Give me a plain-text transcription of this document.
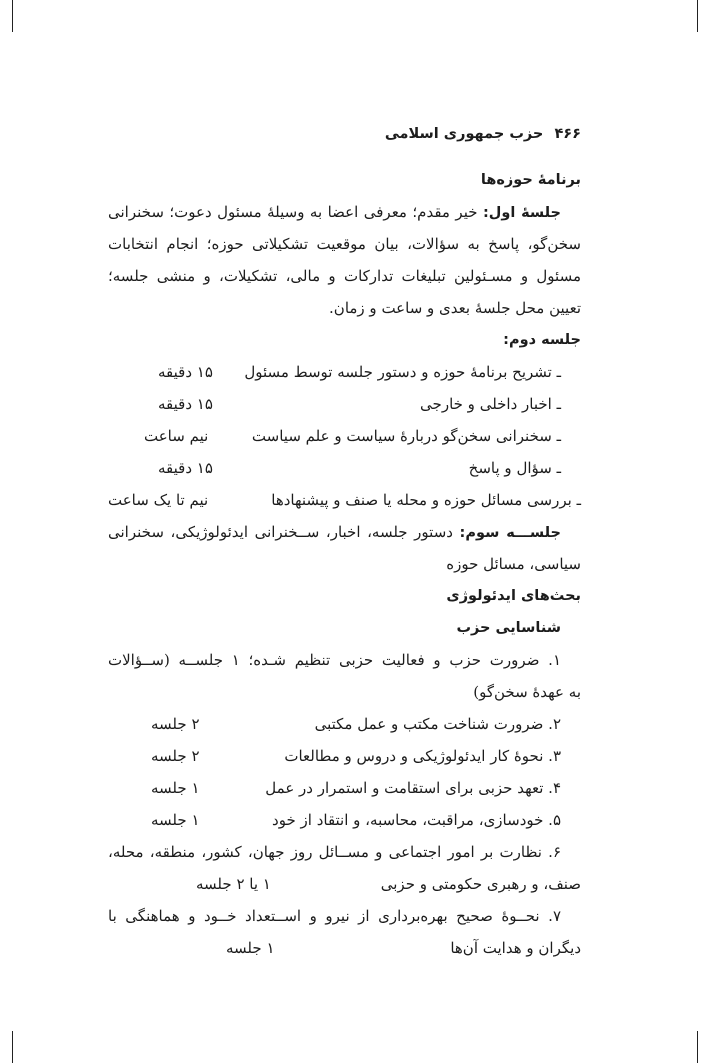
۴۶۶ حزب جمهوری اسلامی
برنامهٔ حوزه‌ها
جلسهٔ اول: خیر مقدم؛ معرفی اعضا به وسیلهٔ مسئول دعوت؛ سخنرانی
سخن‌گو، پاسخ به سؤالات، بیان موقعیت تشکیلاتی حوزه؛ انجام انتخابات
مسئول و مسـئولین تبلیغات تدارکات و مالی، تشکیلات، و منشی جلسه؛
تعیین محل جلسهٔ بعدی و ساعت و زمان.
جلسه دوم:
ـ تشریح برنامهٔ حوزه و دستور جلسه توسط مسئول
۱۵ دقیقه
ـ اخبار داخلی و خارجی
۱۵ دقیقه
ـ سخنرانی سخن‌گو دربارهٔ سیاست و علم سیاست
نیم ساعت
ـ سؤال و پاسخ
۱۵ دقیقه
ـ بررسی مسائل حوزه و محله یا صنف و پیشنهادها
نیم تا یک ساعت
جلســـه سوم: دستور جلسه، اخبار، ســخنرانی ایدئولوژیکی، سخنرانی
سیاسی، مسائل حوزه
بحث‌های ایدئولوژی
شناسایی حزب
۱. ضرورت حزب و فعالیت حزبی تنظیم شـده؛ ۱ جلســه (ســؤالات
به عهدهٔ سخن‌گو)
۲. ضرورت شناخت مکتب و عمل مکتبی
۲ جلسه
۳. نحوهٔ کار ایدئولوژیکی و دروس و مطالعات
۲ جلسه
۴. تعهد حزبی برای استقامت و استمرار در عمل
۱ جلسه
۵. خودسازی، مراقبت، محاسبه، و انتقاد از خود
۱ جلسه
۶. نظارت بر امور اجتماعی و مســائل روز جهان، کشور، منطقه، محله،
صنف، و رهبری حکومتی و حزبی
۱ یا ۲ جلسه
۷. نحــوهٔ صحیح بهره‌برداری از نیرو و اســتعداد خــود و هماهنگی با
دیگران و هدایت آن‌ها
۱ جلسه
